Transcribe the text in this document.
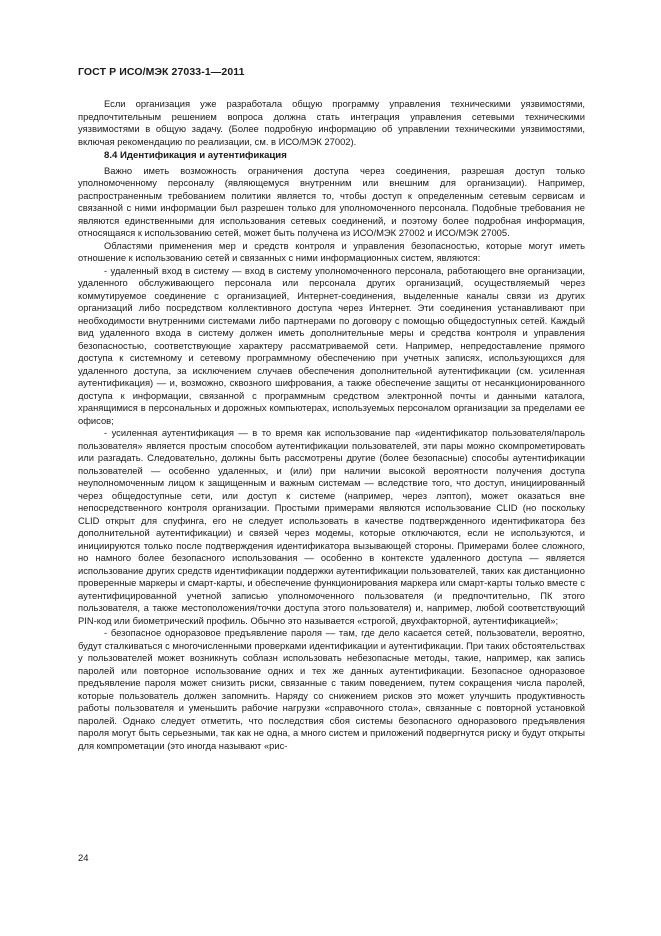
ГОСТ Р ИСО/МЭК 27033-1—2011

Если организация уже разработала общую программу управления техническими уязвимостями, предпочтительным решением вопроса должна стать интеграция управления сетевыми техническими уязвимостями в общую задачу. (Более подробную информацию об управлении техническими уязвимостями, включая рекомендацию по реализации, см. в ИСО/МЭК 27002).

8.4 Идентификация и аутентификация

Важно иметь возможность ограничения доступа через соединения, разрешая доступ только уполномоченному персоналу (являющемуся внутренним или внешним для организации). Например, распространенным требованием политики является то, чтобы доступ к определенным сетевым сервисам и связанной с ними информации был разрешен только для уполномоченного персонала. Подобные требования не являются единственными для использования сетевых соединений, и поэтому более подробная информация, относящаяся к использованию сетей, может быть получена из ИСО/МЭК 27002 и ИСО/МЭК 27005.

Областями применения мер и средств контроля и управления безопасностью, которые могут иметь отношение к использованию сетей и связанных с ними информационных систем, являются:

- удаленный вход в систему — вход в систему уполномоченного персонала, работающего вне организации, удаленного обслуживающего персонала или персонала других организаций, осуществляемый через коммутируемое соединение с организацией, Интернет-соединения, выделенные каналы связи из других организаций либо посредством коллективного доступа через Интернет. Эти соединения устанавливают при необходимости внутренними системами либо партнерами по договору с помощью общедоступных сетей. Каждый вид удаленного входа в систему должен иметь дополнительные меры и средства контроля и управления безопасностью, соответствующие характеру рассматриваемой сети. Например, непредоставление прямого доступа к системному и сетевому программному обеспечению при учетных записях, использующихся для удаленного доступа, за исключением случаев обеспечения дополнительной аутентификации (см. усиленная аутентификация) — и, возможно, сквозного шифрования, а также обеспечение защиты от несанкционированного доступа к информации, связанной с программным средством электронной почты и данными каталога, хранящимися в персональных и дорожных компьютерах, используемых персоналом организации за пределами ее офисов;

- усиленная аутентификация — в то время как использование пар «идентификатор пользователя/пароль пользователя» является простым способом аутентификации пользователей, эти пары можно скомпрометировать или разгадать. Следовательно, должны быть рассмотрены другие (более безопасные) способы аутентификации пользователей — особенно удаленных, и (или) при наличии высокой вероятности получения доступа неуполномоченным лицом к защищенным и важным системам — вследствие того, что доступ, инициированный через общедоступные сети, или доступ к системе (например, через лэптоп), может оказаться вне непосредственного контроля организации. Простыми примерами являются использование CLID (но поскольку CLID открыт для спуфинга, его не следует использовать в качестве подтвержденного идентификатора без дополнительной аутентификации) и связей через модемы, которые отключаются, если не используются, и инициируются только после подтверждения идентификатора вызывающей стороны. Примерами более сложного, но намного более безопасного использования — особенно в контексте удаленного доступа — является использование других средств идентификации поддержки аутентификации пользователей, таких как дистанционно проверенные маркеры и смарт-карты, и обеспечение функционирования маркера или смарт-карты только вместе с аутентифицированной учетной записью уполномоченного пользователя (и предпочтительно, ПК этого пользователя, а также местоположения/точки доступа этого пользователя) и, например, любой соответствующий PIN-код или биометрический профиль. Обычно это называется «строгой, двухфакторной, аутентификацией»;

- безопасное одноразовое предъявление пароля — там, где дело касается сетей, пользователи, вероятно, будут сталкиваться с многочисленными проверками идентификации и аутентификации. При таких обстоятельствах у пользователей может возникнуть соблазн использовать небезопасные методы, такие, например, как запись паролей или повторное использование одних и тех же данных аутентификации. Безопасное одноразовое предъявление пароля может снизить риски, связанные с таким поведением, путем сокращения числа паролей, которые пользователь должен запомнить. Наряду со снижением рисков это может улучшить продуктивность работы пользователя и уменьшить рабочие нагрузки «справочного стола», связанные с повторной установкой паролей. Однако следует отметить, что последствия сбоя системы безопасного одноразового предъявления пароля могут быть серьезными, так как не одна, а много систем и приложений подвергнутся риску и будут открыты для компрометации (это иногда называют «рис-

24
